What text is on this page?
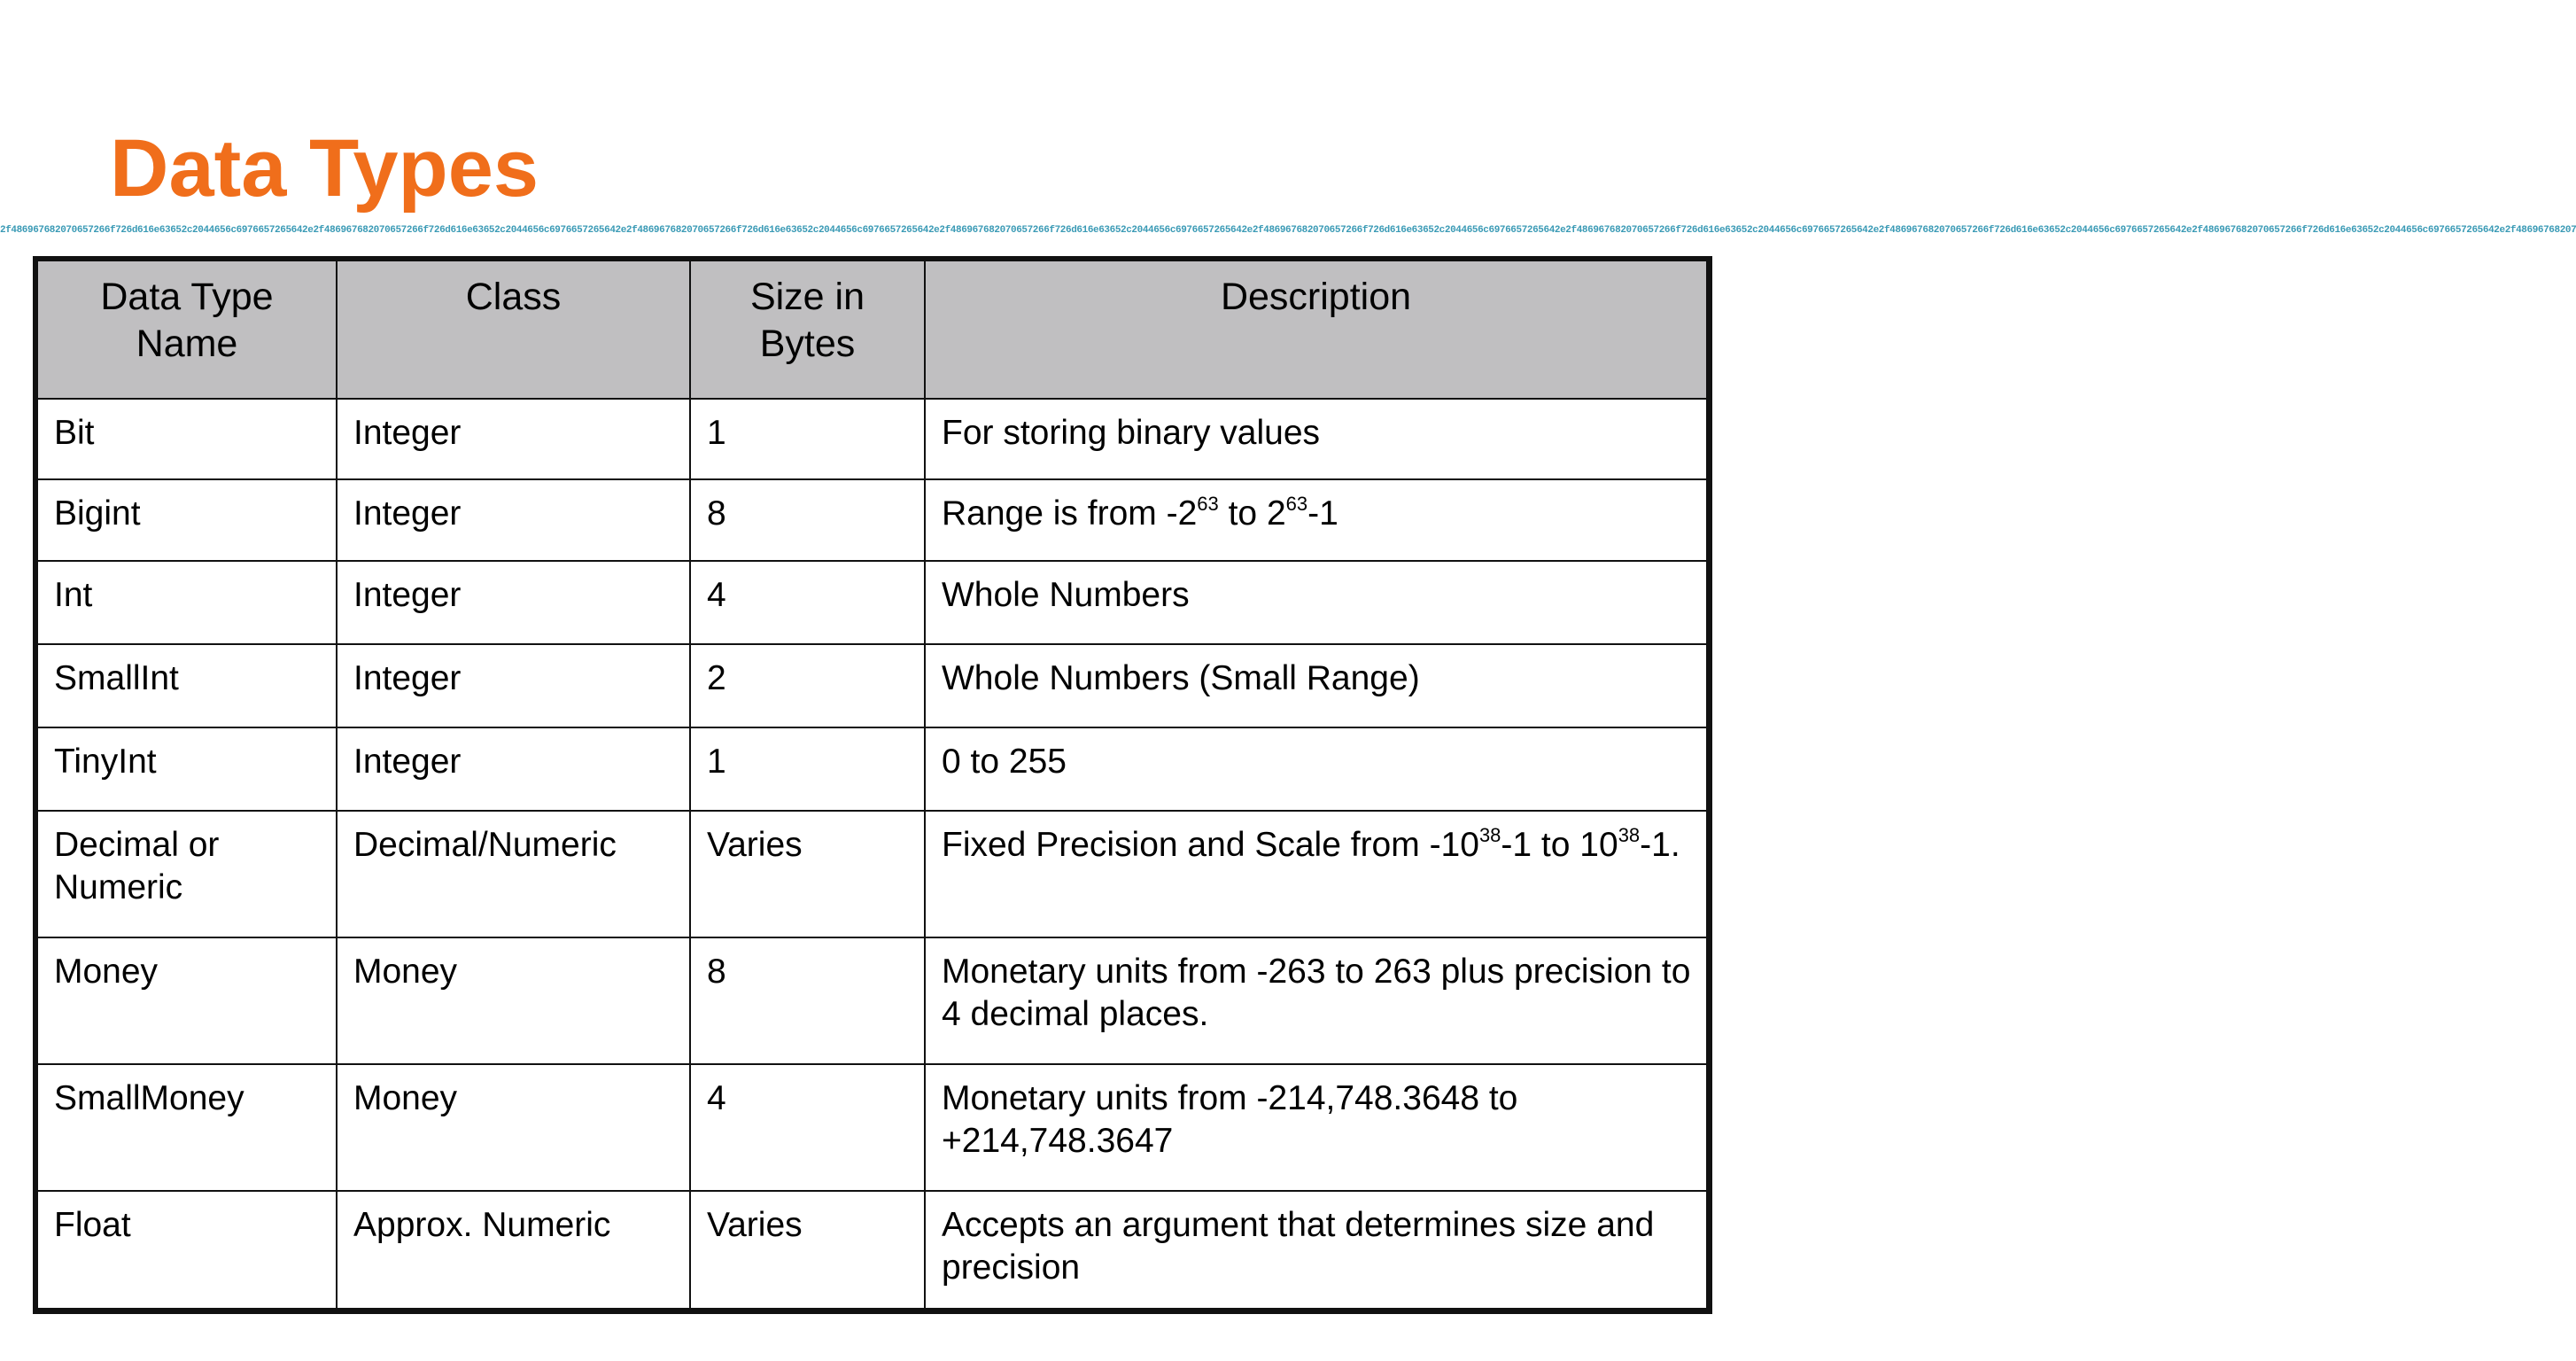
Data Types
2f486967682070657266f726d616e63652c2044656c6976657265642e2f486967682070657266f726d616e63652c2044656c6976657265642e2f486967682070657266f726d616e63652c2044656c6976657265642e2f486967682070657266f726d616e63652c2044656c6976657265642e2f486967682070657266f726d616e63652c2044656c6976657265642e2f486967682070657266f726d616e63652c2044656c6976657265642e2f486967682070657266f726d616e63652c2044656c6976657265642e2f486967682070657266f726d616e63652c2044656c6976657265642e2f48696768207
Data Type Name	Class	Size in Bytes	Description
Bit	Integer	1	For storing binary values
Bigint	Integer	8	Range is from $-2^{63}$ to $2^{63}-1$
Int	Integer	4	Whole Numbers
SmallInt	Integer	2	Whole Numbers (Small Range)
TinyInt	Integer	1	0 to 255
Decimal or Numeric	Decimal/Numeric	Varies	Fixed Precision and Scale from $-10^{38}-1$ to $10^{38}-1$.
Money	Money	8	Monetary units from -263 to 263 plus precision to 4 decimal places.
SmallMoney	Money	4	Monetary units from -214,748.3648 to +214,748.3647
Float	Approx. Numeric	Varies	Accepts an argument that determines size and precision
